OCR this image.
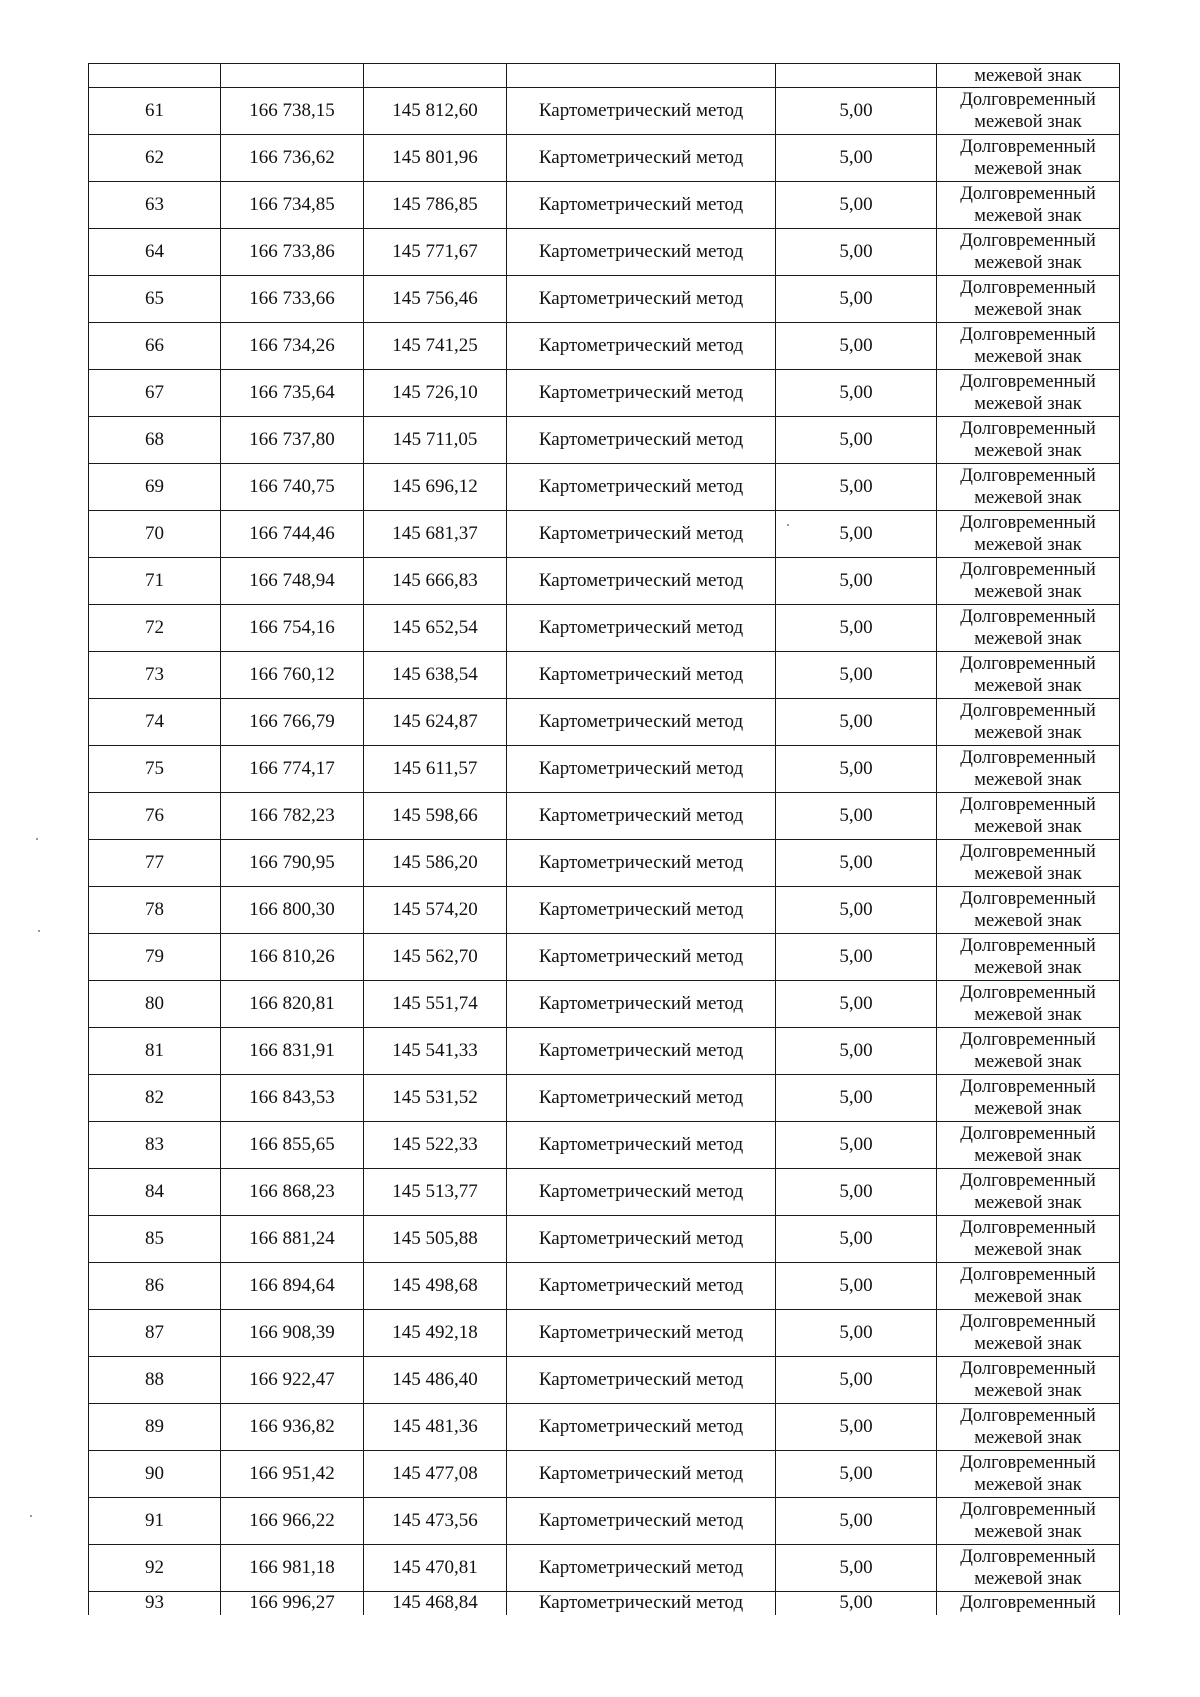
					межевой знак

61	166 738,15	145 812,60	Картометрический метод	5,00	Долговременный
межевой знак

62	166 736,62	145 801,96	Картометрический метод	5,00	Долговременный
межевой знак

63	166 734,85	145 786,85	Картометрический метод	5,00	Долговременный
межевой знак

64	166 733,86	145 771,67	Картометрический метод	5,00	Долговременный
межевой знак

65	166 733,66	145 756,46	Картометрический метод	5,00	Долговременный
межевой знак

66	166 734,26	145 741,25	Картометрический метод	5,00	Долговременный
межевой знак

67	166 735,64	145 726,10	Картометрический метод	5,00	Долговременный
межевой знак

68	166 737,80	145 711,05	Картометрический метод	5,00	Долговременный
межевой знак

69	166 740,75	145 696,12	Картометрический метод	5,00	Долговременный
межевой знак

70	166 744,46	145 681,37	Картометрический метод	5,00	Долговременный
межевой знак

71	166 748,94	145 666,83	Картометрический метод	5,00	Долговременный
межевой знак

72	166 754,16	145 652,54	Картометрический метод	5,00	Долговременный
межевой знак

73	166 760,12	145 638,54	Картометрический метод	5,00	Долговременный
межевой знак

74	166 766,79	145 624,87	Картометрический метод	5,00	Долговременный
межевой знак

75	166 774,17	145 611,57	Картометрический метод	5,00	Долговременный
межевой знак

76	166 782,23	145 598,66	Картометрический метод	5,00	Долговременный
межевой знак

77	166 790,95	145 586,20	Картометрический метод	5,00	Долговременный
межевой знак

78	166 800,30	145 574,20	Картометрический метод	5,00	Долговременный
межевой знак

79	166 810,26	145 562,70	Картометрический метод	5,00	Долговременный
межевой знак

80	166 820,81	145 551,74	Картометрический метод	5,00	Долговременный
межевой знак

81	166 831,91	145 541,33	Картометрический метод	5,00	Долговременный
межевой знак

82	166 843,53	145 531,52	Картометрический метод	5,00	Долговременный
межевой знак

83	166 855,65	145 522,33	Картометрический метод	5,00	Долговременный
межевой знак

84	166 868,23	145 513,77	Картометрический метод	5,00	Долговременный
межевой знак

85	166 881,24	145 505,88	Картометрический метод	5,00	Долговременный
межевой знак

86	166 894,64	145 498,68	Картометрический метод	5,00	Долговременный
межевой знак

87	166 908,39	145 492,18	Картометрический метод	5,00	Долговременный
межевой знак

88	166 922,47	145 486,40	Картометрический метод	5,00	Долговременный
межевой знак

89	166 936,82	145 481,36	Картометрический метод	5,00	Долговременный
межевой знак

90	166 951,42	145 477,08	Картометрический метод	5,00	Долговременный
межевой знак

91	166 966,22	145 473,56	Картометрический метод	5,00	Долговременный
межевой знак

92	166 981,18	145 470,81	Картометрический метод	5,00	Долговременный
межевой знак

93	166 996,27	145 468,84	Картометрический метод	5,00	Долговременный
